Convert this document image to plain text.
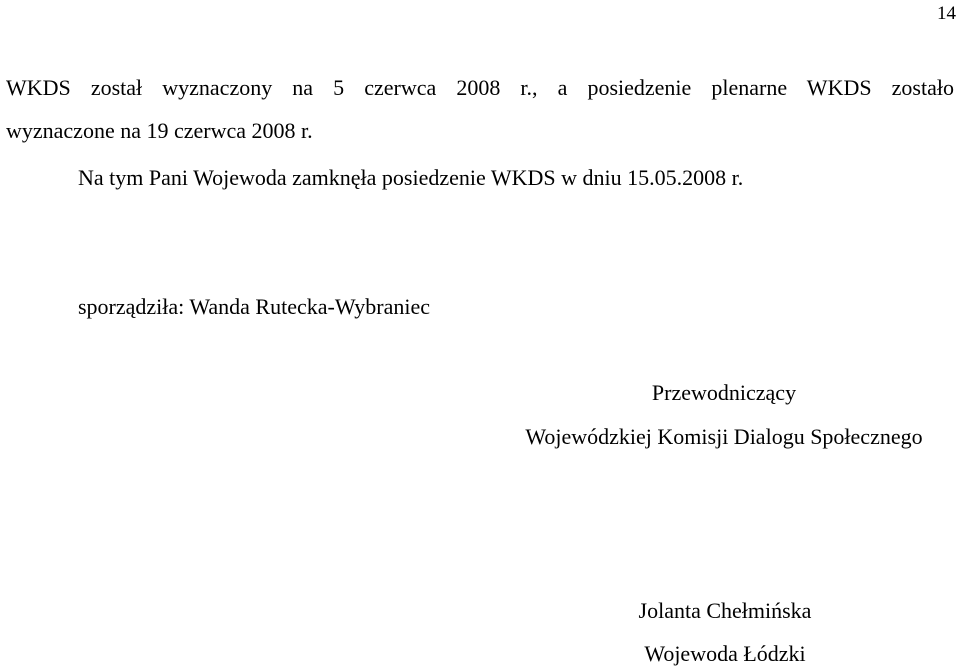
14

WKDS został wyznaczony na 5 czerwca 2008 r., a posiedzenie plenarne WKDS zostało

wyznaczone na 19 czerwca 2008 r.

Na tym Pani Wojewoda zamknęła posiedzenie WKDS w dniu 15.05.2008 r.

sporządziła: Wanda Rutecka-Wybraniec

Przewodniczący

Wojewódzkiej Komisji Dialogu Społecznego

Jolanta Chełmińska

Wojewoda Łódzki
